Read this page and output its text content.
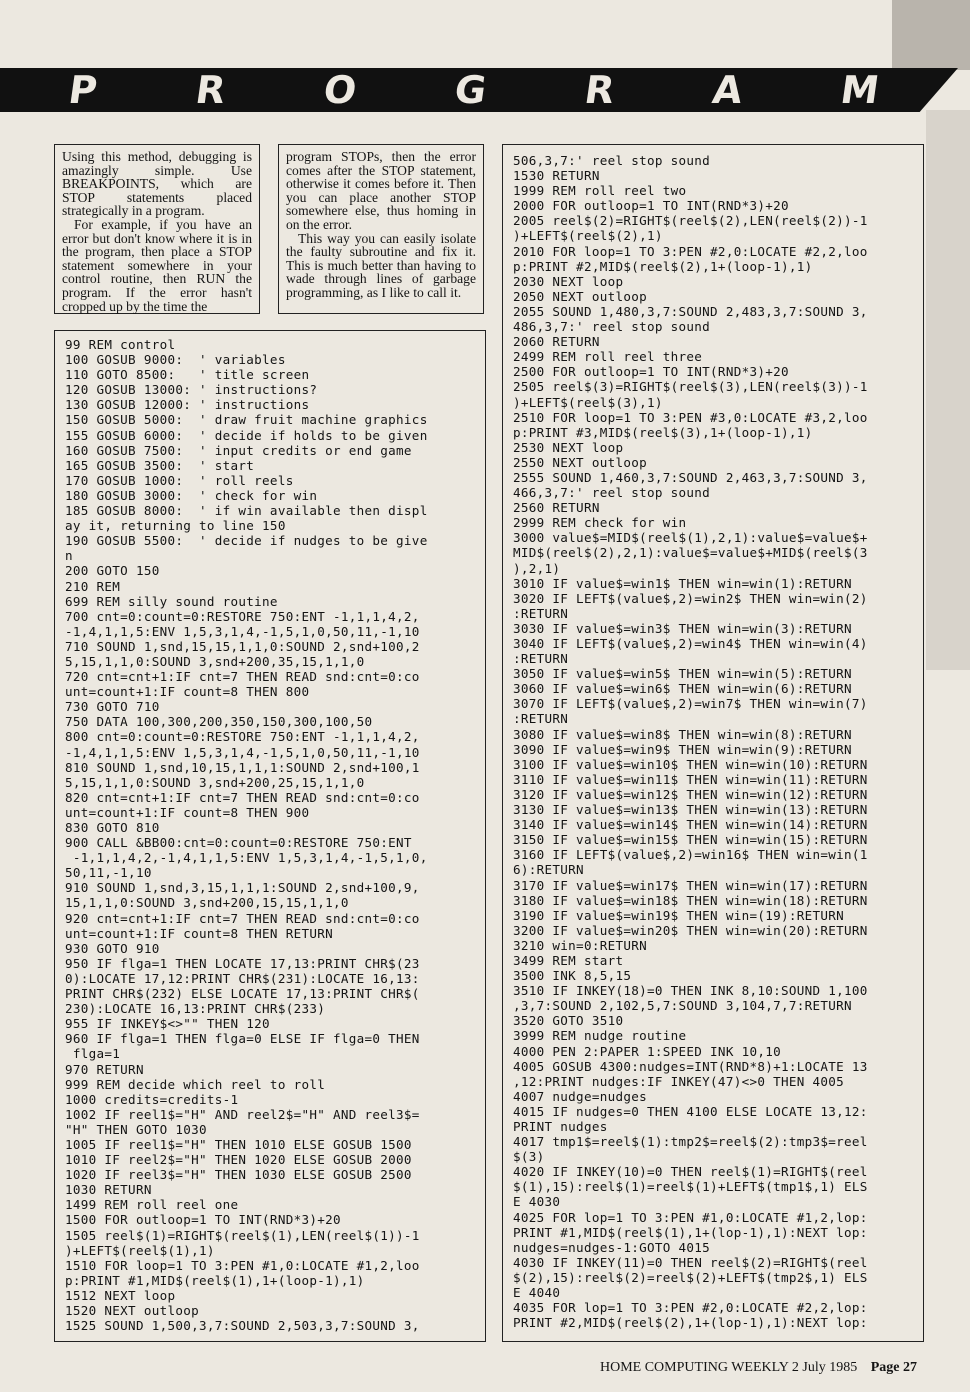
P R O G R A M

Using this method, debugging is amazingly simple. Use BREAKPOINTS, which are STOP statements placed strategically in a program.

For example, if you have an error but don't know where it is in the program, then place a STOP statement somewhere in your control routine, then RUN the program. If the error hasn't cropped up by the time the

program STOPs, then the error comes after the STOP statement, otherwise it comes before it. Then you can place another STOP somewhere else, thus homing in on the error.

This way you can easily isolate the faulty subroutine and fix it. This is much better than having to wade through lines of garbage programming, as I like to call it.

99 REM control
100 GOSUB 9000:  ' variables
110 GOTO 8500:   ' title screen
120 GOSUB 13000: ' instructions?
130 GOSUB 12000: ' instructions
150 GOSUB 5000:  ' draw fruit machine graphics
155 GOSUB 6000:  ' decide if holds to be given
160 GOSUB 7500:  ' input credits or end game
165 GOSUB 3500:  ' start
170 GOSUB 1000:  ' roll reels
180 GOSUB 3000:  ' check for win
185 GOSUB 8000:  ' if win available then displ
ay it, returning to line 150
190 GOSUB 5500:  ' decide if nudges to be give
n
200 GOTO 150
210 REM
699 REM silly sound routine
700 cnt=0:count=0:RESTORE 750:ENT -1,1,1,4,2,
-1,4,1,1,5:ENV 1,5,3,1,4,-1,5,1,0,50,11,-1,10
710 SOUND 1,snd,15,15,1,1,0:SOUND 2,snd+100,2
5,15,1,1,0:SOUND 3,snd+200,35,15,1,1,0
720 cnt=cnt+1:IF cnt=7 THEN READ snd:cnt=0:co
unt=count+1:IF count=8 THEN 800
730 GOTO 710
750 DATA 100,300,200,350,150,300,100,50
800 cnt=0:count=0:RESTORE 750:ENT -1,1,1,4,2,
-1,4,1,1,5:ENV 1,5,3,1,4,-1,5,1,0,50,11,-1,10
810 SOUND 1,snd,10,15,1,1,1:SOUND 2,snd+100,1
5,15,1,1,0:SOUND 3,snd+200,25,15,1,1,0
820 cnt=cnt+1:IF cnt=7 THEN READ snd:cnt=0:co
unt=count+1:IF count=8 THEN 900
830 GOTO 810
900 CALL &BB00:cnt=0:count=0:RESTORE 750:ENT
-1,1,1,4,2,-1,4,1,1,5:ENV 1,5,3,1,4,-1,5,1,0,
50,11,-1,10
910 SOUND 1,snd,3,15,1,1,1:SOUND 2,snd+100,9,
15,1,1,0:SOUND 3,snd+200,15,15,1,1,0
920 cnt=cnt+1:IF cnt=7 THEN READ snd:cnt=0:co
unt=count+1:IF count=8 THEN RETURN
930 GOTO 910
950 IF flga=1 THEN LOCATE 17,13:PRINT CHR$(23
0):LOCATE 17,12:PRINT CHR$(231):LOCATE 16,13:
PRINT CHR$(232) ELSE LOCATE 17,13:PRINT CHR$(
230):LOCATE 16,13:PRINT CHR$(233)
955 IF INKEY$<>"" THEN 120
960 IF flga=1 THEN flga=0 ELSE IF flga=0 THEN
flga=1
970 RETURN
999 REM decide which reel to roll
1000 credits=credits-1
1002 IF reel1$="H" AND reel2$="H" AND reel3$=
"H" THEN GOTO 1030
1005 IF reel1$="H" THEN 1010 ELSE GOSUB 1500
1010 IF reel2$="H" THEN 1020 ELSE GOSUB 2000
1020 IF reel3$="H" THEN 1030 ELSE GOSUB 2500
1030 RETURN
1499 REM roll reel one
1500 FOR outloop=1 TO INT(RND*3)+20
1505 reel$(1)=RIGHT$(reel$(1),LEN(reel$(1))-1
)+LEFT$(reel$(1),1)
1510 FOR loop=1 TO 3:PEN #1,0:LOCATE #1,2,loo
p:PRINT #1,MID$(reel$(1),1+(loop-1),1)
1512 NEXT loop
1520 NEXT outloop
1525 SOUND 1,500,3,7:SOUND 2,503,3,7:SOUND 3,
506,3,7:' reel stop sound
1530 RETURN
1999 REM roll reel two
2000 FOR outloop=1 TO INT(RND*3)+20
2005 reel$(2)=RIGHT$(reel$(2),LEN(reel$(2))-1
)+LEFT$(reel$(2),1)
2010 FOR loop=1 TO 3:PEN #2,0:LOCATE #2,2,loo
p:PRINT #2,MID$(reel$(2),1+(loop-1),1)
2030 NEXT loop
2050 NEXT outloop
2055 SOUND 1,480,3,7:SOUND 2,483,3,7:SOUND 3,
486,3,7:' reel stop sound
2060 RETURN
2499 REM roll reel three
2500 FOR outloop=1 TO INT(RND*3)+20
2505 reel$(3)=RIGHT$(reel$(3),LEN(reel$(3))-1
)+LEFT$(reel$(3),1)
2510 FOR loop=1 TO 3:PEN #3,0:LOCATE #3,2,loo
p:PRINT #3,MID$(reel$(3),1+(loop-1),1)
2530 NEXT loop
2550 NEXT outloop
2555 SOUND 1,460,3,7:SOUND 2,463,3,7:SOUND 3,
466,3,7:' reel stop sound
2560 RETURN
2999 REM check for win
3000 value$=MID$(reel$(1),2,1):value$=value$+
MID$(reel$(2),2,1):value$=value$+MID$(reel$(3
),2,1)
3010 IF value$=win1$ THEN win=win(1):RETURN
3020 IF LEFT$(value$,2)=win2$ THEN win=win(2)
:RETURN
3030 IF value$=win3$ THEN win=win(3):RETURN
3040 IF LEFT$(value$,2)=win4$ THEN win=win(4)
:RETURN
3050 IF value$=win5$ THEN win=win(5):RETURN
3060 IF value$=win6$ THEN win=win(6):RETURN
3070 IF LEFT$(value$,2)=win7$ THEN win=win(7)
:RETURN
3080 IF value$=win8$ THEN win=win(8):RETURN
3090 IF value$=win9$ THEN win=win(9):RETURN
3100 IF value$=win10$ THEN win=win(10):RETURN
3110 IF value$=win11$ THEN win=win(11):RETURN
3120 IF value$=win12$ THEN win=win(12):RETURN
3130 IF value$=win13$ THEN win=win(13):RETURN
3140 IF value$=win14$ THEN win=win(14):RETURN
3150 IF value$=win15$ THEN win=win(15):RETURN
3160 IF LEFT$(value$,2)=win16$ THEN win=win(1
6):RETURN
3170 IF value$=win17$ THEN win=win(17):RETURN
3180 IF value$=win18$ THEN win=win(18):RETURN
3190 IF value$=win19$ THEN win=(19):RETURN
3200 IF value$=win20$ THEN win=win(20):RETURN
3210 win=0:RETURN
3499 REM start
3500 INK 8,5,15
3510 IF INKEY(18)=0 THEN INK 8,10:SOUND 1,100
,3,7:SOUND 2,102,5,7:SOUND 3,104,7,7:RETURN
3520 GOTO 3510
3999 REM nudge routine
4000 PEN 2:PAPER 1:SPEED INK 10,10
4005 GOSUB 4300:nudges=INT(RND*8)+1:LOCATE 13
,12:PRINT nudges:IF INKEY(47)<>0 THEN 4005
4007 nudge=nudges
4015 IF nudges=0 THEN 4100 ELSE LOCATE 13,12:
PRINT nudges
4017 tmp1$=reel$(1):tmp2$=reel$(2):tmp3$=reel
$(3)
4020 IF INKEY(10)=0 THEN reel$(1)=RIGHT$(reel
$(1),15):reel$(1)=reel$(1)+LEFT$(tmp1$,1) ELS
E 4030
4025 FOR lop=1 TO 3:PEN #1,0:LOCATE #1,2,lop:
PRINT #1,MID$(reel$(1),1+(lop-1),1):NEXT lop:
nudges=nudges-1:GOTO 4015
4030 IF INKEY(11)=0 THEN reel$(2)=RIGHT$(reel
$(2),15):reel$(2)=reel$(2)+LEFT$(tmp2$,1) ELS
E 4040
4035 FOR lop=1 TO 3:PEN #2,0:LOCATE #2,2,lop:
PRINT #2,MID$(reel$(2),1+(lop-1),1):NEXT lop:
HOME COMPUTING WEEKLY 2 July 1985 Page 27
